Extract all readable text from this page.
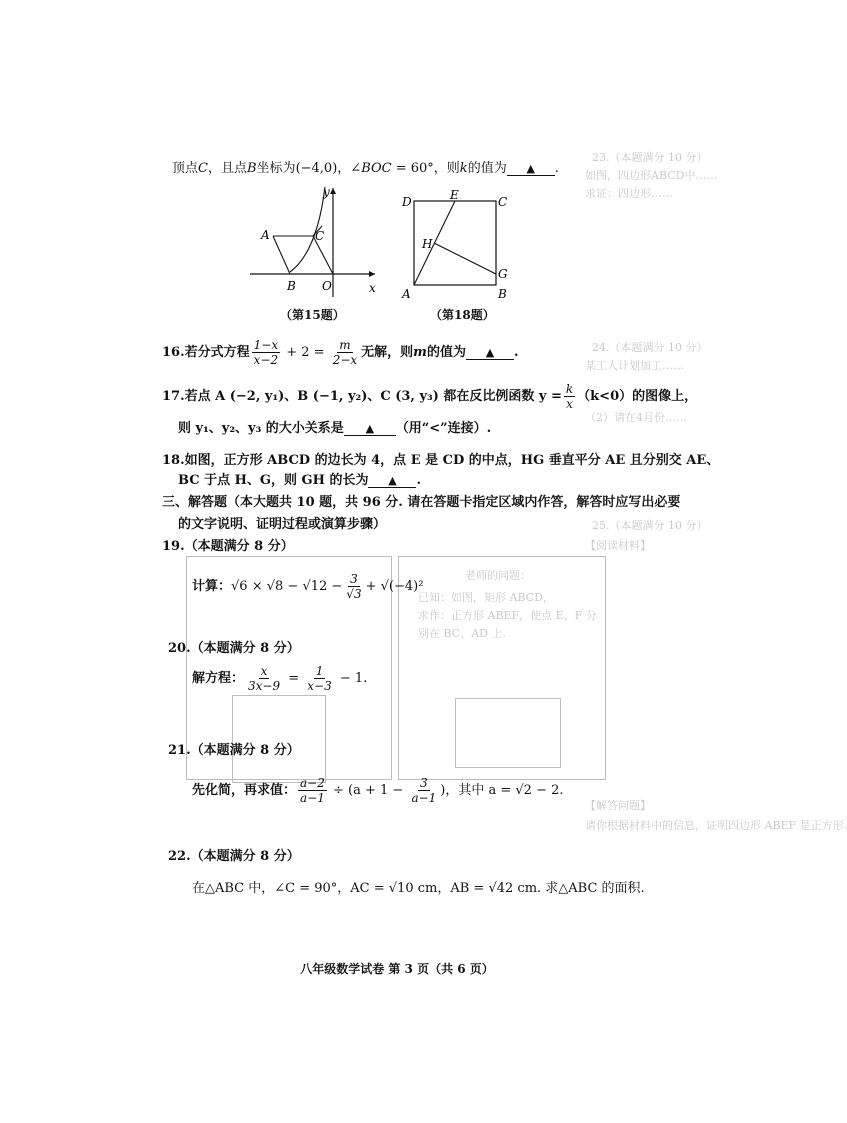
23.（本题满分 10 分）
如图，四边形ABCD中……
求证：四边形……
24.（本题满分 10 分）
某工人计划加工……
（2）请在4月份……
25.（本题满分 10 分）
【阅读材料】
【解答问题】
请你根据材料中的信息，证明四边形 ABEF 是正方形.
老师的问题：
已知：如图，矩形 ABCD，
求作：正方形 ABEF，使点 E、F 分
别在 BC、AD 上.
顶点C，且点B坐标为(−4,0)，∠BOC = 60°，则k的值为 ▲ .
y
A	C
B O	x
（第15题）
D	E	C
H
G
A	B
（第18题）
16.若分式方程 $\frac{1-x}{x-2} + 2 = \frac{m}{2-x}$ 无解，则m的值为 ▲ .
17.若点 A (−2, y₁)、B (−1, y₂)、C (3, y₃) 都在反比例函数 $y = \frac{k}{x} (k<0)$的图像上，
则 y₁、y₂、y₃ 的大小关系是 ▲ （用“<”连接）.
18.如图，正方形 ABCD 的边长为 4，点 E 是 CD 的中点，HG 垂直平分 AE 且分别交 AE、
BC 于点 H、G，则 GH 的长为 ▲ .
三、解答题（本大题共 10 题，共 96 分. 请在答题卡指定区域内作答，解答时应写出必要
的文字说明、证明过程或演算步骤）
19.（本题满分 8 分）
计算：$√6 \times √8 - √12 - \frac{3}{√3} + √(-4)^2$
20.（本题满分 8 分）
解方程： $\frac{x}{3x-9} = \frac{1}{x-3} - 1$.
21.（本题满分 8 分）
先化简，再求值： $\frac{a-2}{a-1} \div (a + 1 - \frac{3}{a-1}$ )，其中 a = √2 − 2.
22.（本题满分 8 分）
在△ABC 中，∠C = 90°，AC = √10 cm，AB = √42 cm. 求△ABC 的面积.
八年级数学试卷 第 3 页（共 6 页）
